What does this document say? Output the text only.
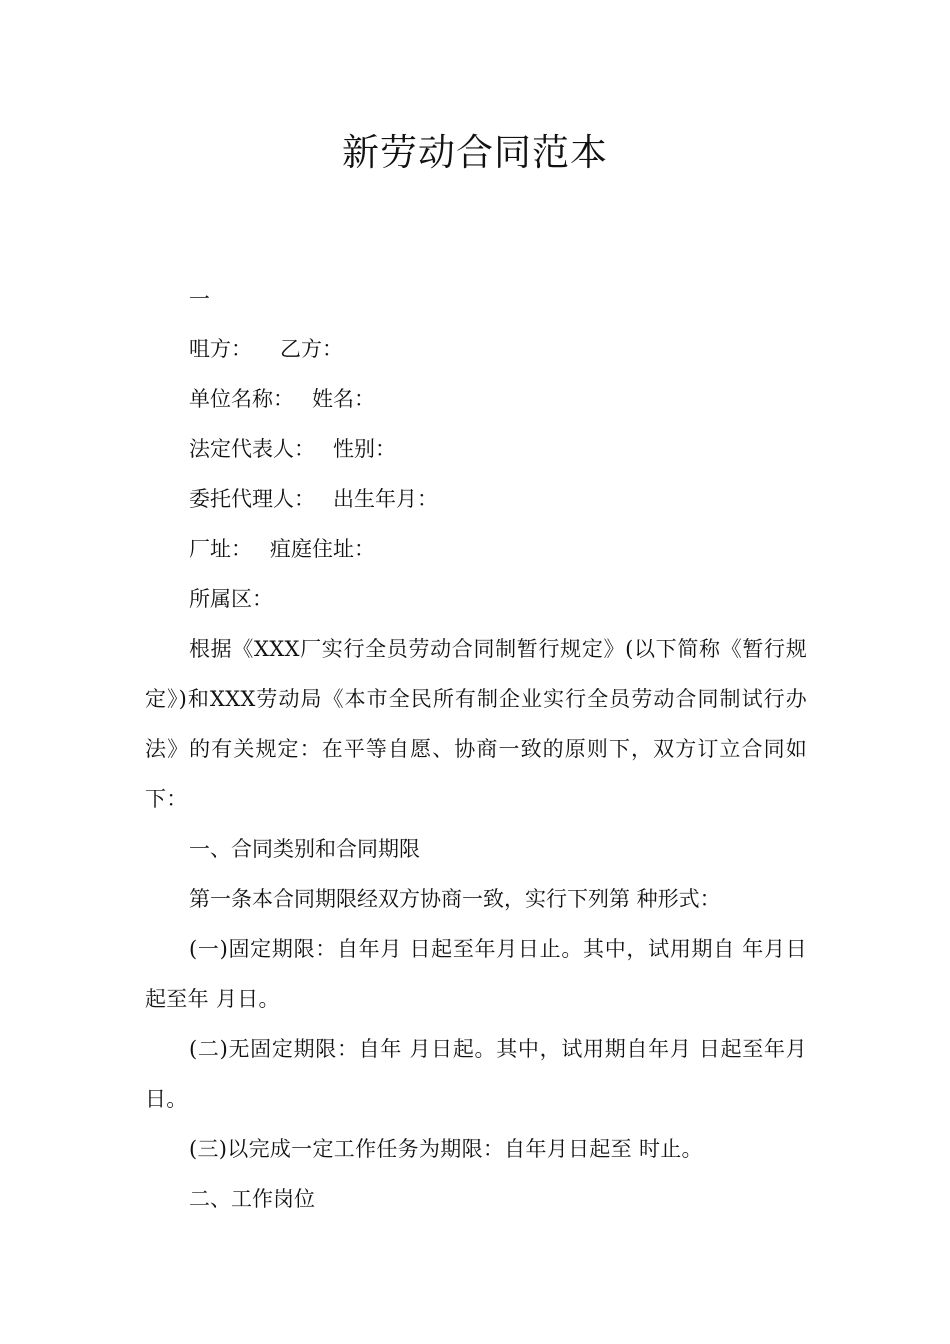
新劳动合同范本

一

咀方： 乙方：

单位名称： 姓名：

法定代表人： 性别：

委托代理人： 出生年月：

厂址： 疽庭住址：

所属区：

根据《XXX厂实行全员劳动合同制暂行规定》(以下简称《暂行规定》)和XXX劳动局《本市全民所有制企业实行全员劳动合同制试行办法》的有关规定：在平等自愿、协商一致的原则下，双方订立合同如下：

一、合同类别和合同期限

第一条本合同期限经双方协商一致，实行下列第 种形式：

(一)固定期限：自年月 日起至年月日止。其中，试用期自 年月日起至年 月日。

(二)无固定期限：自年 月日起。其中，试用期自年月 日起至年月日。

(三)以完成一定工作任务为期限：自年月日起至 时止。

二、工作岗位
